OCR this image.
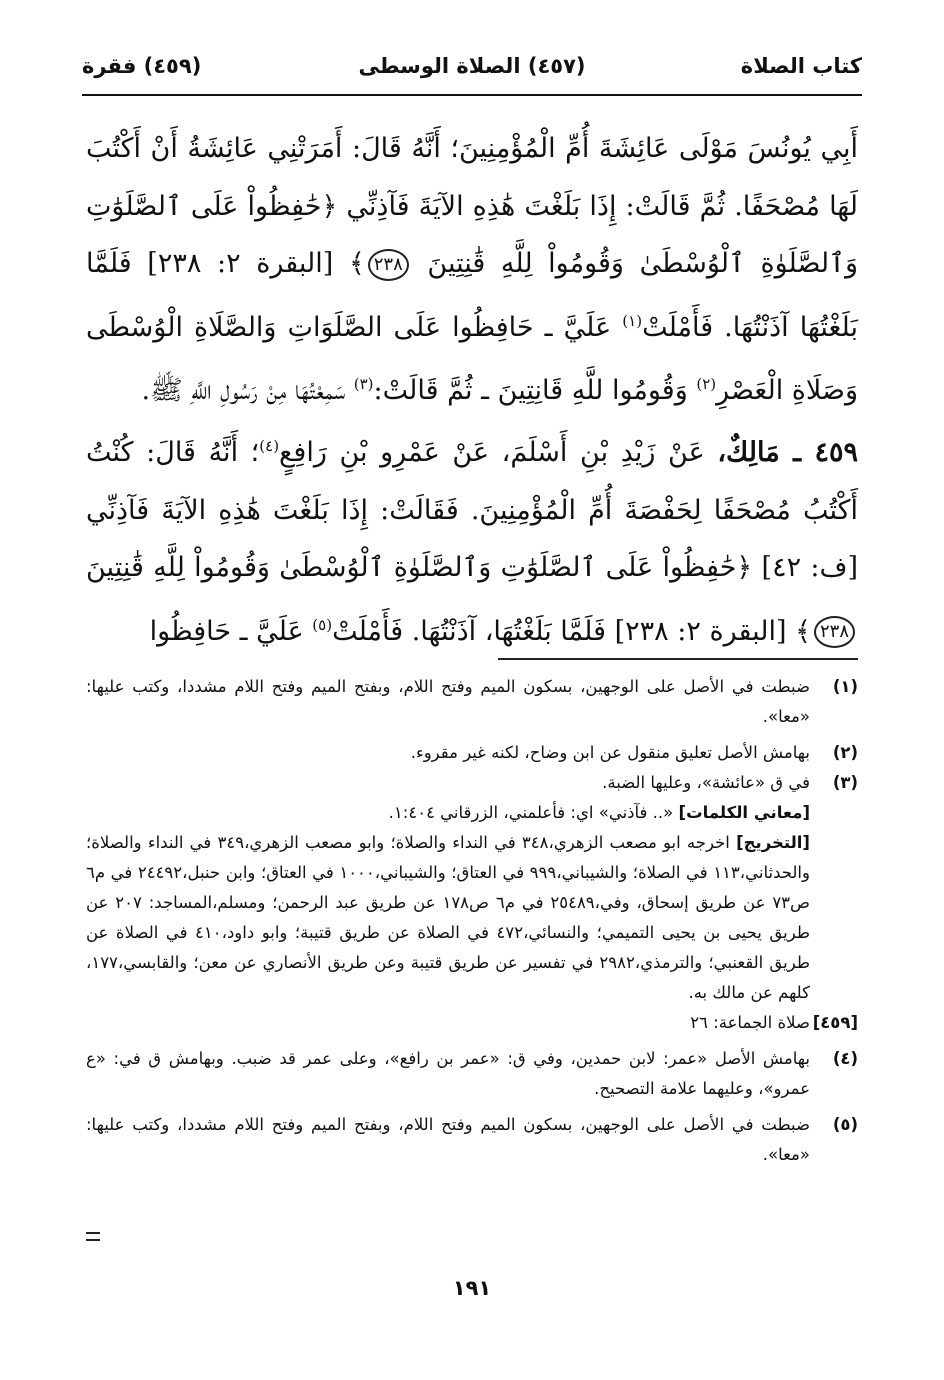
كتاب الصلاة
(٤٥٧) الصلاة الوسطى
(٤٥٩) فقرة
أَبِي يُونُسَ مَوْلَى عَائِشَةَ أُمِّ الْمُؤْمِنِينَ؛ أَنَّهُ قَالَ: أَمَرَتْنِي عَائِشَةُ أَنْ أَكْتُبَ لَهَا مُصْحَفًا. ثُمَّ قَالَتْ: إِذَا بَلَغْتَ هَٰذِهِ الآيَةَ فَآذِنِّي ﴿حَٰفِظُواْ عَلَى ٱلصَّلَوَٰتِ وَٱلصَّلَوٰةِ ٱلْوُسْطَىٰ وَقُومُواْ لِلَّهِ قَٰنِتِينَ ٢٣٨﴾ [البقرة ٢: ٢٣٨] فَلَمَّا بَلَغْتُهَا آذَنْتُهَا. فَأَمْلَتْ$^{(١)}$ عَلَيَّ ـ حَافِظُوا عَلَى الصَّلَوَاتِ وَالصَّلَاةِ الْوُسْطَى وَصَلَاةِ الْعَصْرِ$^{(٢)}$ وَقُومُوا للَّهِ قَانِتِينَ ـ ثُمَّ قَالَتْ:$^{(٣)}$ سَمِعْتُهَا مِنْ رَسُولِ اللَّهِ ﷺ.
٤٥٩ ـ مَالِكٌ، عَنْ زَيْدِ بْنِ أَسْلَمَ، عَنْ عَمْرِو بْنِ رَافِعٍ$^{(٤)}$؛ أَنَّهُ قَالَ: كُنْتُ أَكْتُبُ مُصْحَفًا لِحَفْصَةَ أُمِّ الْمُؤْمِنِينَ. فَقَالَتْ: إِذَا بَلَغْتَ هَٰذِهِ الآيَةَ فَآذِنِّي [ف: ٤٢] ﴿حَٰفِظُواْ عَلَى ٱلصَّلَوَٰتِ وَٱلصَّلَوٰةِ ٱلْوُسْطَىٰ وَقُومُواْ لِلَّهِ قَٰنِتِينَ ٢٣٨﴾ [البقرة ٢: ٢٣٨] فَلَمَّا بَلَغْتُهَا، آذَنْتُهَا. فَأَمْلَتْ$^{(٥)}$ عَلَيَّ ـ حَافِظُوا
(١)
ضبطت في الأصل على الوجهين، بسكون الميم وفتح اللام، وبفتح الميم وفتح اللام مشددا، وكتب عليها: «معا».
(٢)
بهامش الأصل تعليق منقول عن ابن وضاح، لكنه غير مقروء.
(٣)
في ق «عائشة»، وعليها الضبة.
[معاني الكلمات] «.. فآذني» اي: فأعلمني، الزرقاني ١:٤٠٤.
[التخريج] اخرجه ابو مصعب الزهري،٣٤٨ في النداء والصلاة؛ وابو مصعب الزهري،٣٤٩ في النداء والصلاة؛ والحدثاني،١١٣ في الصلاة؛ والشيباني،٩٩٩ في العتاق؛ والشيباني،١٠٠٠ في العتاق؛ وابن حنبل،٢٤٤٩٢ في م٦ ص٧٣ عن طريق إسحاق، وفي،٢٥٤٨٩ في م٦ ص١٧٨ عن طريق عبد الرحمن؛ ومسلم،المساجد: ٢٠٧ عن طريق يحيى بن يحيى التميمي؛ والنسائي،٤٧٢ في الصلاة عن طريق قتيبة؛ وابو داود،٤١٠ في الصلاة عن طريق القعنبي؛ والترمذي،٢٩٨٢ في تفسير عن طريق قتيبة وعن طريق الأنصاري عن معن؛ والقابسي،١٧٧، كلهم عن مالك به.
[٤٥٩]
صلاة الجماعة: ٢٦
(٤)
بهامش الأصل «عمر: لابن حمدين، وفي ق: «عمر بن رافع»، وعلى عمر قد ضبب. وبهامش ق في: «ع عمرو»، وعليهما علامة التصحيح.
(٥)
ضبطت في الأصل على الوجهين، بسكون الميم وفتح اللام، وبفتح الميم وفتح اللام مشددا، وكتب عليها: «معا».
١٩١
